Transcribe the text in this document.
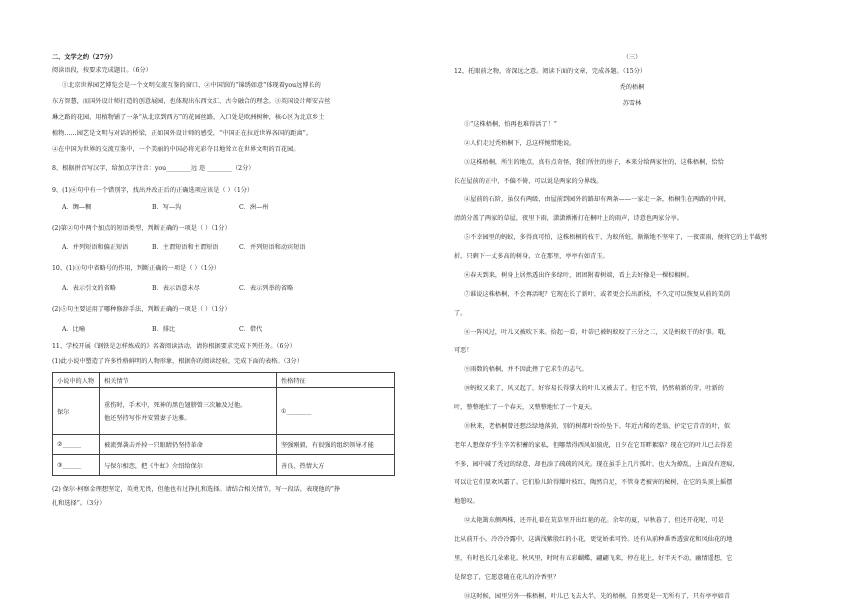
二、文学之约（27分）
阅读语段，按要求完成题目。（6分）
①北京世界园艺博览会是一个文明交流互鉴的窗口，②中国馆的“锦绣如意”体现着you远博长的
东方智慧，而国外设计师打造的创意展园，也体现出东西文汇、古今融合的理念。③英国设计师安吉丝
琳之路的花园，用植物铺了一条“从北京到西方”的花园丝路，入口处是欧洲树种，核心区为北京乡土
植物……园艺是文明与对话的桥梁，正如国外设计师的感受，“中国正在拉近世界各国的距离”。
④在中国为世界的交流互鉴中，一个美丽的中国必将光彩夺目地耸立在世界文明的百花园。
8、根据拼音写汉字，给加点字注音：you________远 迩 ________（2分）
9、(1)⑥句中有一个错别字，找出并改正后的正确选项应该是（ ）（1分）
A．绸—稠	B．写—沟	C．洲—州
(2)第②句中两个加点的短语类型，判断正确的一项是（ ）（1分）
A．并列短语和偏正短语	B．主谓短语和主谓短语	C．并列短语和动宾短语
10、(1)③句中省略号的作用，判断正确的一项是（ ）（1分）
A．表示引文的省略	B．表示语意未尽	C．表示列举的省略
(2)⑤句主要运用了哪种修辞手法，判断正确的一项是（ ）（1分）
A．比喻	B．排比	C．借代
11、学校开展《钢铁是怎样炼成的》名著阅读活动，请你根据要求完成下列任务。（6分）
(1)此小说中塑造了许多性格鲜明的人物形象，根据你的阅读经验，完成下面的表格。（3分）
小说中的人物	相关情节	性格特征
保尔	重伤时，手术中，死神的黑色翅膀曾三次触及过他。
他还坚持写作并安置妻子达雅。	①________
②______	被流弹袭击并掉一只眼睛仍坚持革命	坚强刚毅，有很强的组织领导才能
③______	与保尔相恋，把《牛虻》介绍给保尔	善良、热情大方
(2) 保尔·柯察金理想坚定，英勇无畏，但他也有过挣扎和选择。请结合相关情节，写一段话，表现他的“挣
扎和选择”。（3分）
（三）
12、托眼前之物，寄深远之意。阅读下面的文章，完成各题。（15分）
秃的梧桐
苏雪林
①“这株梧桐，怕再也难得活了！”
②人们走过秃梧桐下，总这样惋惜地说。
③这株梧桐，所生的地点，真有点奇怪，我们所住的房子，本来分给两家住的，这株梧桐，恰恰
长在屋前的正中，不偏不倚，可以说是两家的分界线。
④屋前的石阶，虽仅有两级，由屋前到园外的路却有两条——一家走一条，梧桐生在两路的中间，
清荫分盖了两家的草屋，夜里下雨，潇潇淅淅打在桐叶上的雨声，诗意也两家分享。
⑤不幸园里的蚂蚁，多得真可怕，这株梧桐的枝干，为蚁所蛀，渐渐地不坚牢了，一夜雷雨，便将它的上半截劈
折，只剩下一丈多高的树身，立在那里，亭亭有如青玉。
⑥春天到来，树身上居然透出许多绿叶，团团附着树端，看上去好像是一棵棕榈树。
⑦谁说这株梧桐，不会再活呢？它现在长了新叶，或者更会长出新枝，不久定可以恢复从前的美荫
了。
⑧一阵风过，叶儿又被吹下来。拾起一看，叶蒂已被蚂蚁咬了三分之二，又是蚂蚁干的好事。哦，
可恶！
⑨雨数的梧桐，并不因此挫了它求生的志气。
⑩蚂蚁又来了，风又起了，好容易长得掌大的叶儿又被去了。但它不管，仍然萌新的芽，吐新的
叶，整整地忙了一个春天，又整整地忙了一个夏天。
⑪秋来，老梧桐曾还想泛绿地落黄，别的树都叶纷纷坠下。年近古稀的老翁，护定它青青的叶，似
老年人想保存乎生辛苦积蓄的家私，但哪禁得西风如狼虎，日夕在它耳畔絮聒？现在它的叶儿已去得差
不多，园中减了秃冠的绿意，却也添了疏疏的风光。现在虽手上几片孤叶，也大为撩乱，上面没有迹痕，
可以让它们显欢风霜了。它们脸儿阶得耀叶枝红，陶然自足，不管身老被害的秘树，在它的头顶上摇摆
地憩叹。
⑫太艳篱东侧两株，还开扎着在荒草里开出红艳的花。余年的夏，早秋暮了，但还开花呢，可是
比从前开小。冷冷冷露中，这满浅紫殷红的小花，更觉娇柔可怜。还有从前种番香透萤花和凤仙花的地
里，有时也长几朵素花。秋风里，时时有五彩蝴蝶，翩翩飞来，停在花上，好半天不动，幽情遥想，它
是留恋了，它愿意随在花儿的冷香里？
⑬这时候，园里另外一株梧桐，叶儿已飞去大半，先的梧桐，自然更是一无所有了，只有亭亭如青
